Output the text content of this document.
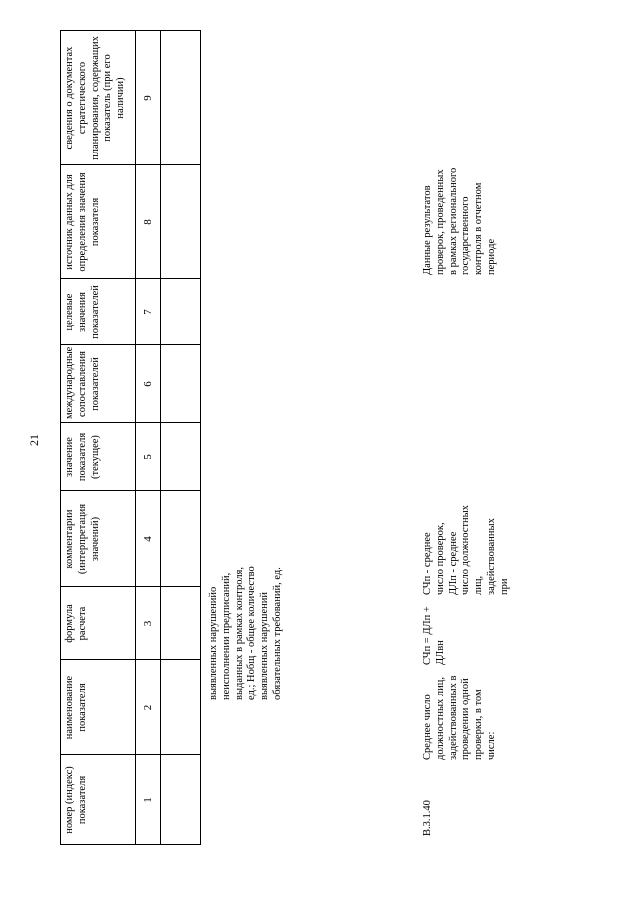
21
номер (индекс) показателя
наименование показателя
формула расчета
комментарии (интерпретация значений)
значение показателя (текущее)
международные сопоставления показателей
целевые значения показателей
источник данных для определения значения показателя
сведения о документах стратегического планирования, содержащих показатель (при его наличии)
1
2
3
4
5
6
7
8
9
выявленных нарушенийо неисполнении предписаний, выданных в рамках контроля, ед.; Нобщ - общее количество выявленных нарушений обязательных требований, ед.
В.3.1.40
Среднее число должностных лиц, задействованных в проведении одной проверки, в том числе:
СЧп = ДЛп + ДЛвн
СЧп - среднее число проверок, ДЛп - среднее число должностных лиц, задействованных при
Данные результатов проверок, проведенных в рамках регионального государственного контроля в отчетном периоде
